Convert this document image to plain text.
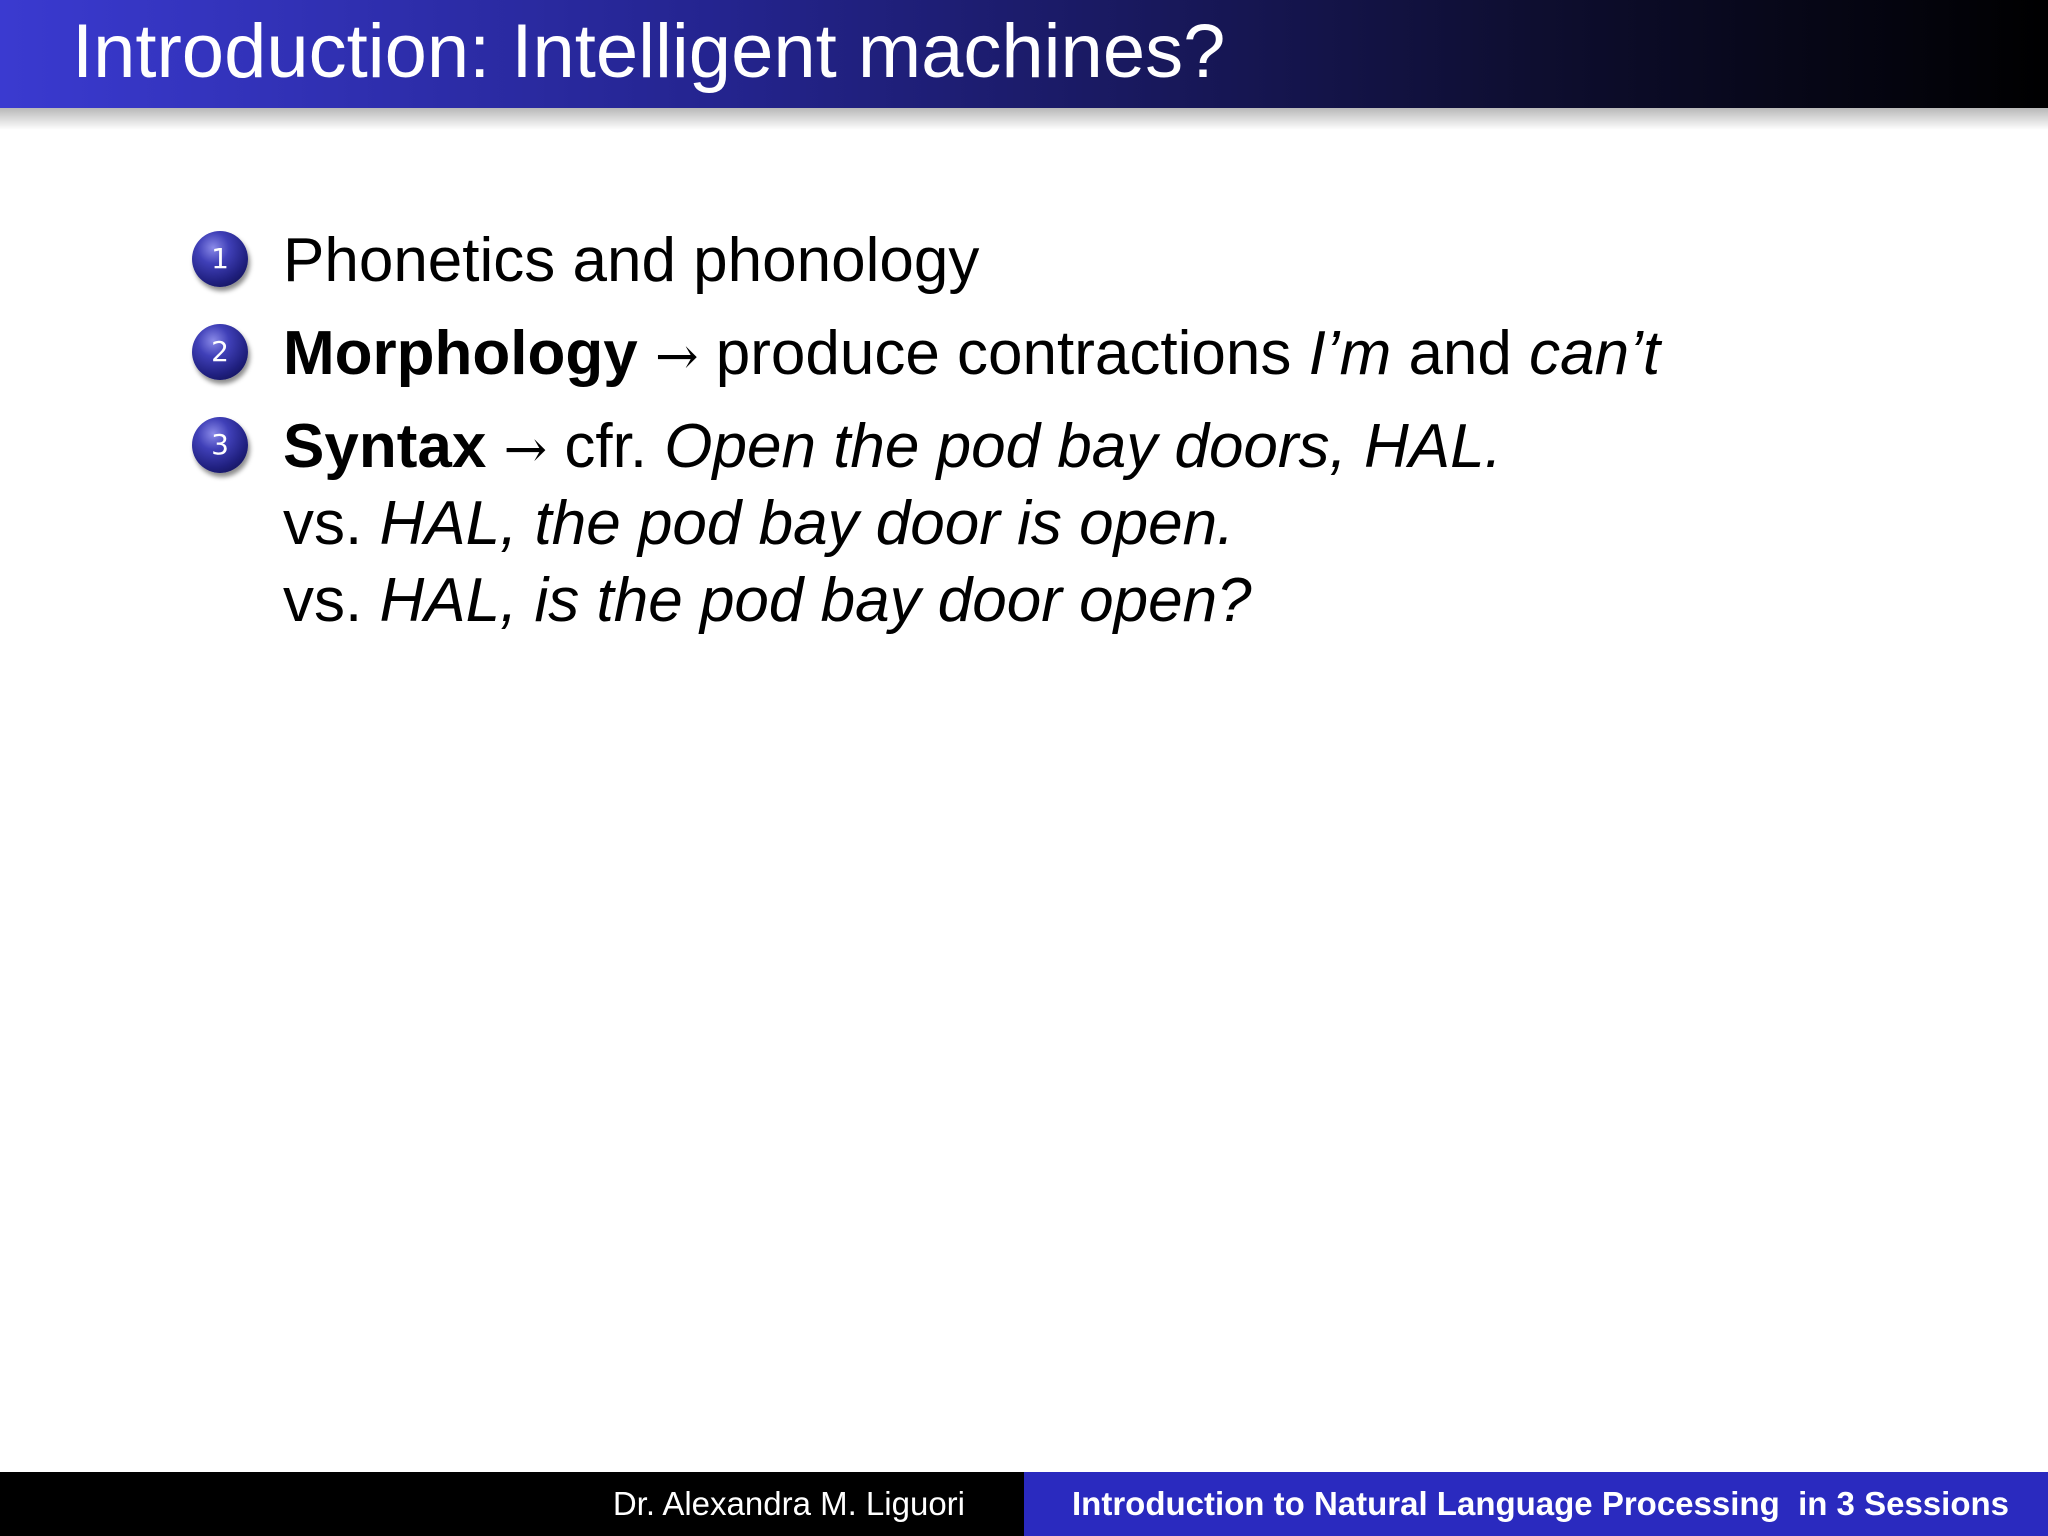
Introduction: Intelligent machines?
1 Phonetics and phonology
2 Morphology → produce contractions I’m and can’t
3 Syntax → cfr. Open the pod bay doors, HAL.
vs. HAL, the pod bay door is open.
vs. HAL, is the pod bay door open?
Dr. Alexandra M. Liguori	Introduction to Natural Language Processing  in 3 Sessions
